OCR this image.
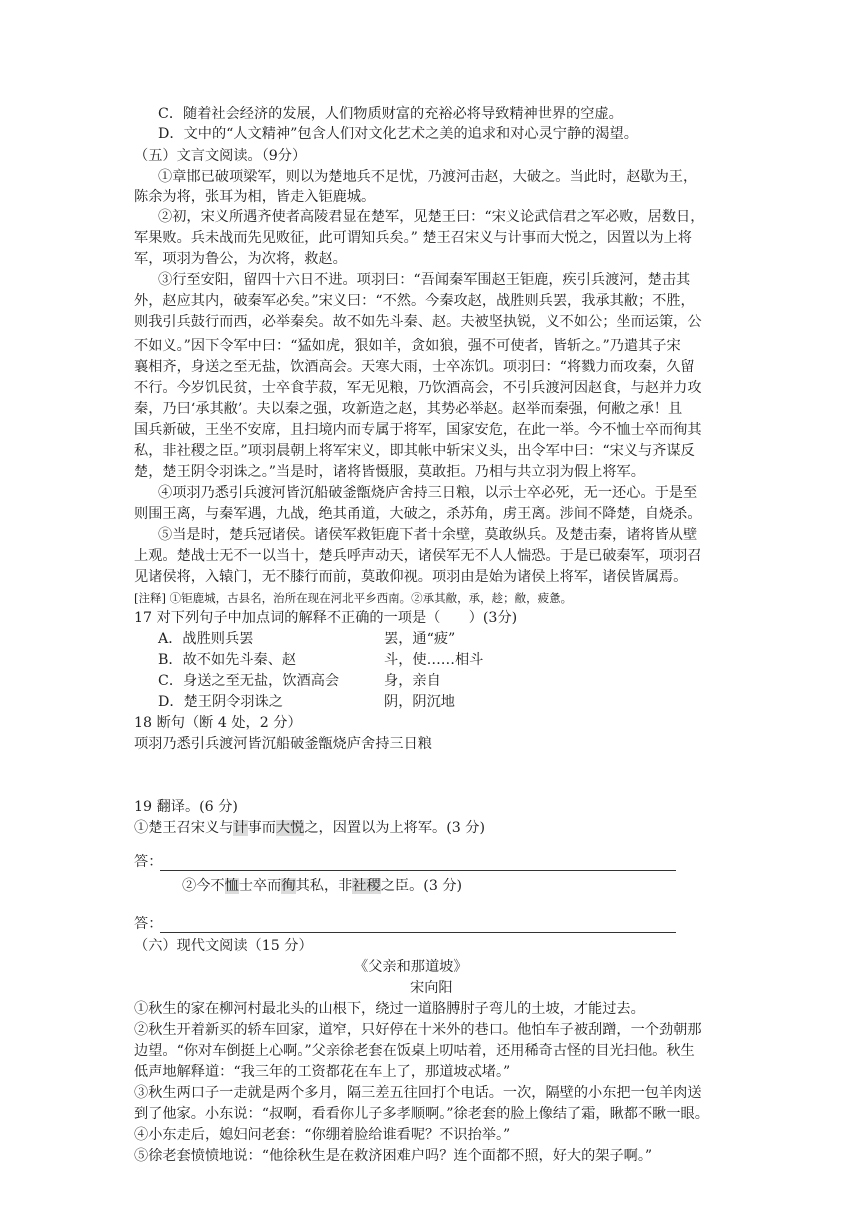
C．随着社会经济的发展，人们物质财富的充裕必将导致精神世界的空虚。
D．文中的“人文精神”包含人们对文化艺术之美的追求和对心灵宁静的渴望。
（五）文言文阅读。（9分）
①章邯已破项梁军，则以为楚地兵不足忧，乃渡河击赵，大破之。当此时，赵歇为王，
陈余为将，张耳为相，皆走入钜鹿城。
②初，宋义所遇齐使者高陵君显在楚军，见楚王曰：“宋义论武信君之军必败，居数日，
军果败。兵未战而先见败征，此可谓知兵矣。” 楚王召宋义与计事而大悦之，因置以为上将
军，项羽为鲁公，为次将，救赵。
③行至安阳，留四十六日不进。项羽曰：“吾闻秦军围赵王钜鹿，疾引兵渡河，楚击其
外，赵应其内，破秦军必矣。”宋义曰：“不然。今秦攻赵，战胜则兵罢，我承其敝；不胜，
则我引兵鼓行而西，必举秦矣。故不如先斗秦、赵。夫被坚执锐，义不如公；坐而运策，公
不如义。”因下令军中曰：“猛如虎，狠如羊，贪如狼，强不可使者，皆斩之。”乃遣其子宋
襄相齐，身送之至无盐，饮酒高会。天寒大雨，士卒冻饥。项羽曰：“将戮力而攻秦，久留
不行。今岁饥民贫，士卒食芋菽，军无见粮，乃饮酒高会，不引兵渡河因赵食，与赵并力攻
秦，乃曰‘承其敝’。夫以秦之强，攻新造之赵，其势必举赵。赵举而秦强，何敝之承！且
国兵新破，王坐不安席，且扫境内而专属于将军，国家安危，在此一举。今不恤士卒而徇其
私，非社稷之臣。”项羽晨朝上将军宋义，即其帐中斩宋义头，出令军中曰：“宋义与齐谋反
楚，楚王阴令羽诛之。”当是时，诸将皆慑服，莫敢拒。乃相与共立羽为假上将军。
④项羽乃悉引兵渡河皆沉船破釜甑烧庐舍持三日粮，以示士卒必死，无一还心。于是至
则围王离，与秦军遇，九战，绝其甬道，大破之，杀苏角，虏王离。涉间不降楚，自烧杀。
⑤当是时，楚兵冠诸侯。诸侯军救钜鹿下者十余壁，莫敢纵兵。及楚击秦，诸将皆从壁
上观。楚战士无不一以当十，楚兵呼声动天，诸侯军无不人人惴恐。于是已破秦军，项羽召
见诸侯将，入辕门，无不膝行而前，莫敢仰视。项羽由是始为诸侯上将军，诸侯皆属焉。
[注释] ①钜鹿城，古县名，治所在现在河北平乡西南。②承其敝，承，趁；敝，疲惫。
17 对下列句子中加点词的解释不正确的一项是（　　）(3分)
A．战胜则兵罢	罢，通“疲”
B．故不如先斗秦、赵	斗，使……相斗
C．身送之至无盐，饮酒高会	身，亲自
D．楚王阴令羽诛之	阴，阴沉地
18 断句（断 4 处，2 分）
项羽乃悉引兵渡河皆沉船破釜甑烧庐舍持三日粮
19 翻译。(6 分)
①楚王召宋义与计事而大悦之，因置以为上将军。(3 分)
答：
②今不恤士卒而徇其私，非社稷之臣。(3 分)
答：
（六）现代文阅读（15 分）
《父亲和那道坡》
宋向阳
①秋生的家在柳河村最北头的山根下，绕过一道胳膊肘子弯儿的土坡，才能过去。
②秋生开着新买的轿车回家，道窄，只好停在十米外的巷口。他怕车子被刮蹭，一个劲朝那
边望。“你对车倒挺上心啊。”父亲徐老套在饭桌上叨咕着，还用稀奇古怪的目光扫他。秋生
低声地解释道：“我三年的工资都花在车上了，那道坡忒堵。”
③秋生两口子一走就是两个多月，隔三差五往回打个电话。一次，隔壁的小东把一包羊肉送
到了他家。小东说：“叔啊，看看你儿子多孝顺啊。”徐老套的脸上像结了霜，瞅都不瞅一眼。
④小东走后，媳妇问老套：“你绷着脸给谁看呢？不识抬举。”
⑤徐老套愤愤地说：“他徐秋生是在救济困难户吗？连个面都不照，好大的架子啊。”
